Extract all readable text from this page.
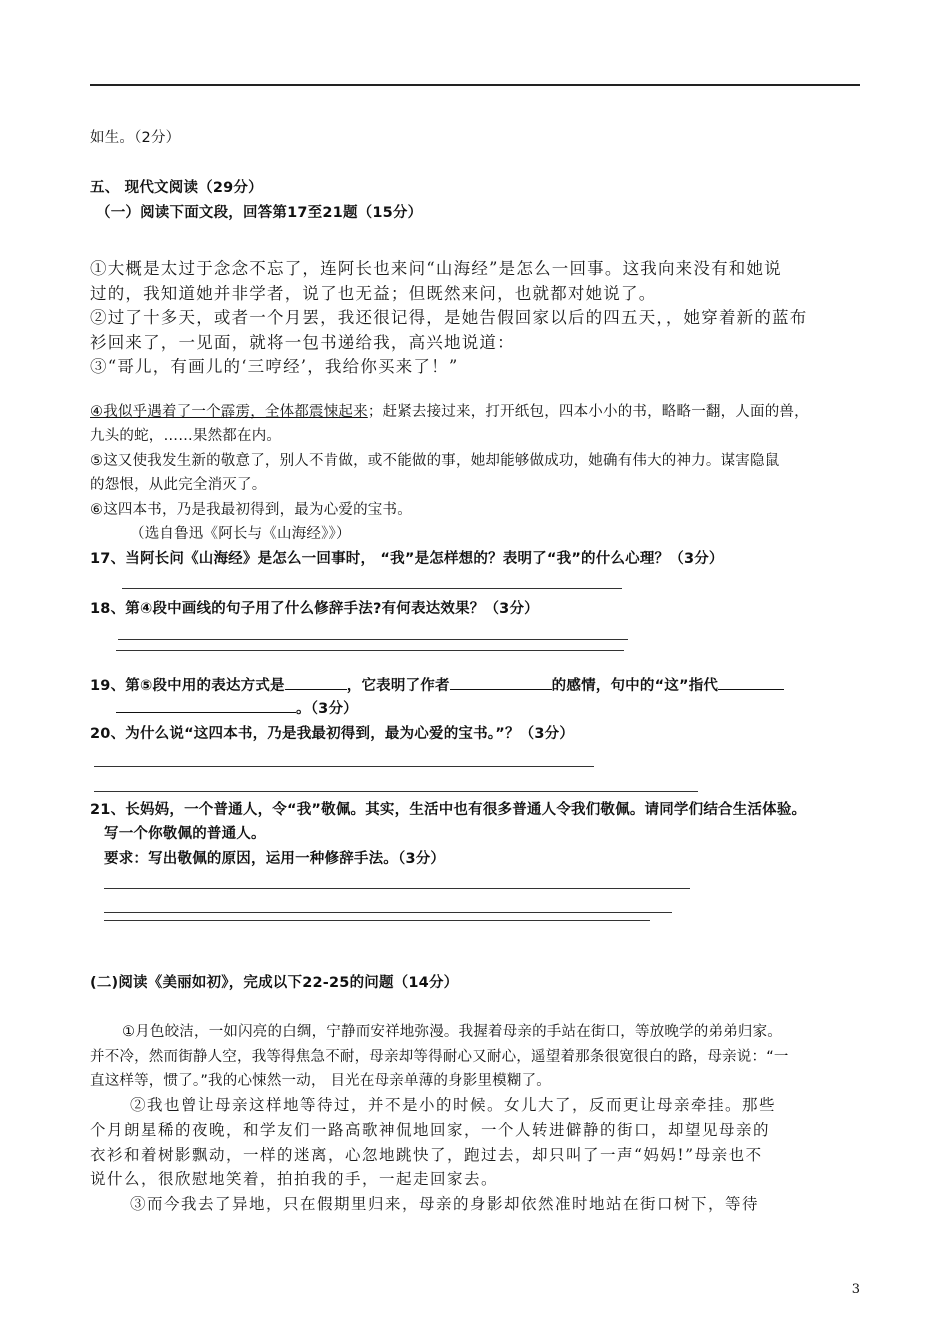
如生。（2分）
五、 现代文阅读（29分）
（一）阅读下面文段，回答第17至21题（15分）
①大概是太过于念念不忘了，连阿长也来问“山海经”是怎么一回事。这我向来没有和她说
过的，我知道她并非学者，说了也无益；但既然来问，也就都对她说了。
②过了十多天，或者一个月罢，我还很记得，是她告假回家以后的四五天，，她穿着新的蓝布
衫回来了，一见面，就将一包书递给我，高兴地说道：
③“哥儿，有画儿的‘三哼经’，我给你买来了！”
④我似乎遇着了一个霹雳，全体都震悚起来；赶紧去接过来，打开纸包，四本小小的书，略略一翻，人面的兽，
九头的蛇，……果然都在内。
⑤这又使我发生新的敬意了，别人不肯做，或不能做的事，她却能够做成功，她确有伟大的神力。谋害隐鼠
的怨恨，从此完全消灭了。
⑥这四本书，乃是我最初得到，最为心爱的宝书。
（选自鲁迅《阿长与《山海经》》）
17、当阿长问《山海经》是怎么一回事时， “我”是怎样想的？表明了“我”的什么心理？（3分）
18、第④段中画线的句子用了什么修辞手法?有何表达效果？（3分）
19、第⑤段中用的表达方式是	，它表明了作者	的感情，句中的“这”指代
。（3分）
20、为什么说“这四本书，乃是我最初得到，最为心爱的宝书。”？（3分）
21、长妈妈，一个普通人，令“我”敬佩。其实，生活中也有很多普通人令我们敬佩。请同学们结合生活体验。
写一个你敬佩的普通人。
要求：写出敬佩的原因，运用一种修辞手法。（3分）
(二)阅读《美丽如初》，完成以下22-25的问题（14分）
①月色皎洁，一如闪亮的白绸，宁静而安祥地弥漫。我握着母亲的手站在街口，等放晚学的弟弟归家。
并不冷，然而街静人空，我等得焦急不耐，母亲却等得耐心又耐心，遥望着那条很宽很白的路，母亲说：“一
直这样等，惯了。”我的心悚然一动， 目光在母亲单薄的身影里模糊了。
②我也曾让母亲这样地等待过，并不是小的时候。女儿大了，反而更让母亲牵挂。那些
个月朗星稀的夜晚，和学友们一路高歌神侃地回家，一个人转进僻静的街口，却望见母亲的
衣衫和着树影飘动，一样的迷离，心忽地跳快了，跑过去，却只叫了一声“妈妈!”母亲也不
说什么，很欣慰地笑着，拍拍我的手，一起走回家去。
③而今我去了异地，只在假期里归来，母亲的身影却依然准时地站在街口树下，等待
3
